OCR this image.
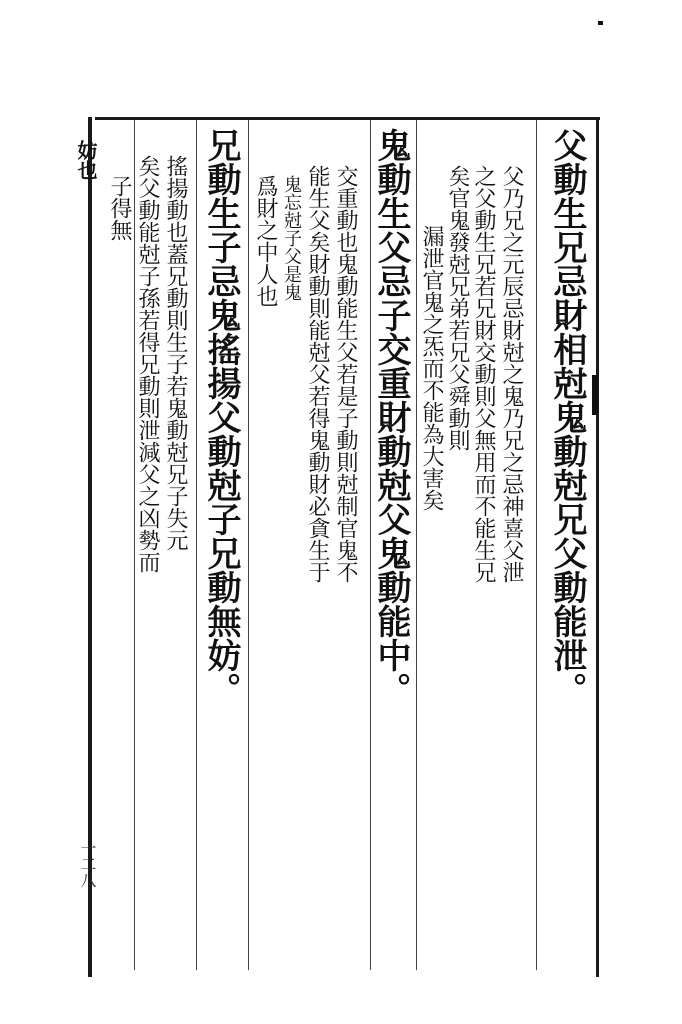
父動生兄忌財相尅鬼動尅兄父動能泄。
父乃兄之元辰忌財尅之鬼乃兄之忌神喜父泄
之父動生兄若兄財交動則父無用而不能生兄
矣官鬼發尅兄弟若兄父舜動則
漏泄官鬼之炁而不能為大害矣
鬼動生父忌子交重財動尅父鬼動能中。
交重動也鬼動能生父若是子動則尅制官鬼不
能生父矣財動則能尅父若得鬼動財必貪生于
鬼忘尅子父是鬼
爲財之中人也
兄動生子忌鬼搖揚父動尅子兄動無妨。
搖揚動也蓋兄動則生子若鬼動尅兄子失元
矣父動能尅子孫若得兄動則泄減父之凶勢而
子得無
妨也
一二八
